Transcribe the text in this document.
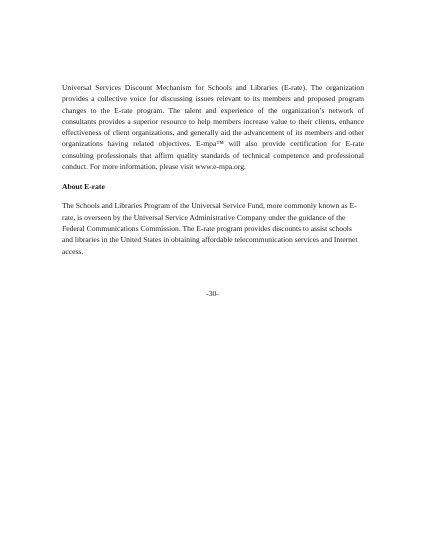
Universal Services Discount Mechanism for Schools and Libraries (E-rate). The organization provides a collective voice for discussing issues relevant to its members and proposed program changes to the E-rate program. The talent and experience of the organization’s network of consultants provides a superior resource to help members increase value to their clients, enhance effectiveness of client organizations, and generally aid the advancement of its members and other organizations having related objectives. E-mpa™ will also provide certification for E-rate consulting professionals that affirm quality standards of technical competence and professional conduct. For more information, please visit www.e-mpa.org.

About E-rate

The Schools and Libraries Program of the Universal Service Fund, more commonly known as E-rate, is overseen by the Universal Service Administrative Company under the guidance of the Federal Communications Commission. The E-rate program provides discounts to assist schools and libraries in the United States in obtaining affordable telecommunication services and Internet access.

-30-
